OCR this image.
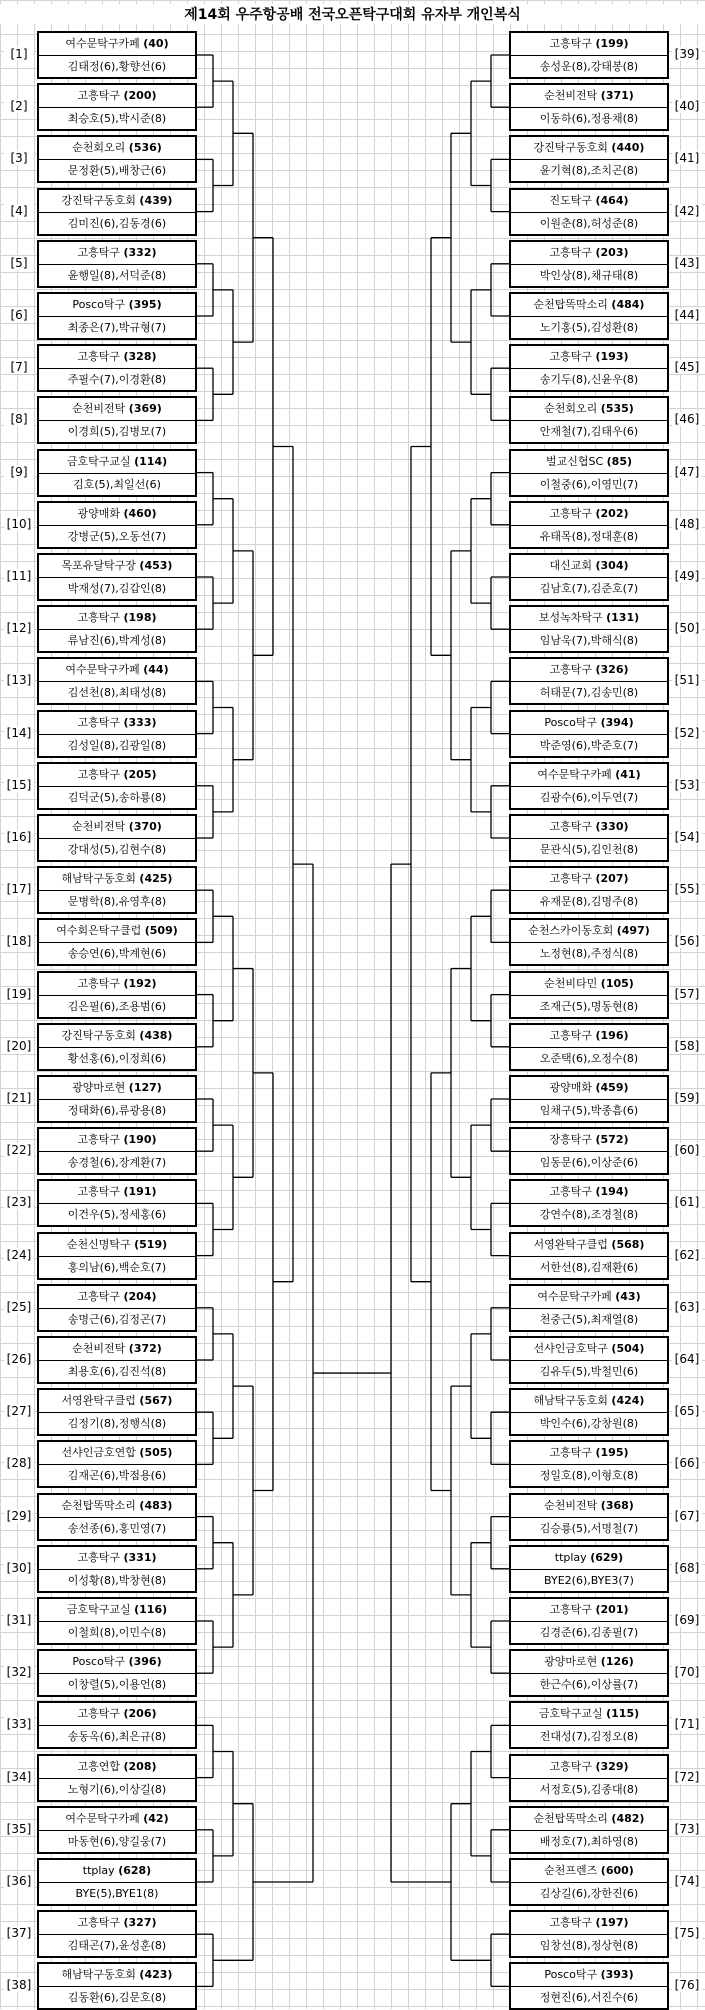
제14회 우주항공배 전국오픈탁구대회 유자부 개인복식
여수문탁구카페 (40)
김태정(6),황향선(6)
[1]
고흥탁구 (200)
최승호(5),박시준(8)
[2]
순천회오리 (536)
문정환(5),배창근(6)
[3]
강진탁구동호회 (439)
김미진(6),김동경(6)
[4]
고흥탁구 (332)
윤행일(8),서덕준(8)
[5]
Posco탁구 (395)
최종은(7),박규형(7)
[6]
고흥탁구 (328)
주필수(7),이경환(8)
[7]
순천비전탁 (369)
이경희(5),김병모(7)
[8]
금호탁구교실 (114)
김호(5),최일선(6)
[9]
광양매화 (460)
강병군(5),오동선(7)
[10]
목포유달탁구장 (453)
박재성(7),김갑인(8)
[11]
고흥탁구 (198)
류남진(6),박계성(8)
[12]
여수문탁구카페 (44)
김선천(8),최태성(8)
[13]
고흥탁구 (333)
김성일(8),김광일(8)
[14]
고흥탁구 (205)
김덕군(5),송하룡(8)
[15]
순천비전탁 (370)
강대성(5),김현수(8)
[16]
해남탁구동호회 (425)
문병학(8),유영후(8)
[17]
여수회은탁구클럽 (509)
송승연(6),박계현(6)
[18]
고흥탁구 (192)
김은필(6),조용범(6)
[19]
강진탁구동호회 (438)
황선홍(6),이정희(6)
[20]
광양마로현 (127)
정태화(6),류광용(8)
[21]
고흥탁구 (190)
송경철(6),장계환(7)
[22]
고흥탁구 (191)
이건우(5),정세홍(6)
[23]
순천신명탁구 (519)
홍의남(6),백순호(7)
[24]
고흥탁구 (204)
송명근(6),김정곤(7)
[25]
순천비전탁 (372)
최용호(6),김진석(8)
[26]
서영완탁구클럽 (567)
김정기(8),정행식(8)
[27]
선샤인금호연합 (505)
김재곤(6),박점용(6)
[28]
순천탑똑딱소리 (483)
송선종(6),홍민영(7)
[29]
고흥탁구 (331)
이성황(8),박창현(8)
[30]
금호탁구교실 (116)
이철희(8),이민수(8)
[31]
Posco탁구 (396)
이창렬(5),이용언(8)
[32]
고흥탁구 (206)
송동옥(6),최은규(8)
[33]
고흥연합 (208)
노형기(6),이상길(8)
[34]
여수문탁구카페 (42)
마동현(6),양길웅(7)
[35]
ttplay (628)
BYE(5),BYE1(8)
[36]
고흥탁구 (327)
김태곤(7),윤성훈(8)
[37]
해남탁구동호회 (423)
김동환(6),김문호(8)
[38]
고흥탁구 (199)
송성운(8),강태봉(8)
[39]
순천비전탁 (371)
이동하(6),정용채(8)
[40]
강진탁구동호회 (440)
윤기혁(8),조치곤(8)
[41]
진도탁구 (464)
이원춘(8),허성준(8)
[42]
고흥탁구 (203)
박인상(8),채규태(8)
[43]
순천탑똑딱소리 (484)
노기홍(5),김성환(8)
[44]
고흥탁구 (193)
송기두(8),신윤우(8)
[45]
순천회오리 (535)
안재철(7),김태우(6)
[46]
벌교신협SC (85)
이철중(6),이영민(7)
[47]
고흥탁구 (202)
유태목(8),정대훈(8)
[48]
대신교회 (304)
김남호(7),김준호(7)
[49]
보성녹차탁구 (131)
임남욱(7),박해식(8)
[50]
고흥탁구 (326)
허태문(7),김송민(8)
[51]
Posco탁구 (394)
박준영(6),박준호(7)
[52]
여수문탁구카페 (41)
김광수(6),이두연(7)
[53]
고흥탁구 (330)
문관식(5),김인천(8)
[54]
고흥탁구 (207)
유재문(8),김명주(8)
[55]
순천스카이동호회 (497)
노정현(8),주정식(8)
[56]
순천비타민 (105)
조재근(5),명동현(8)
[57]
고흥탁구 (196)
오준택(6),오정수(8)
[58]
광양매화 (459)
임채구(5),박종흠(6)
[59]
장흥탁구 (572)
임동문(6),이상준(6)
[60]
고흥탁구 (194)
강연수(8),조경철(8)
[61]
서영완탁구클럽 (568)
서한선(8),김재환(6)
[62]
여수문탁구카페 (43)
천중근(5),최재열(8)
[63]
선샤인금호탁구 (504)
김유두(5),박철민(6)
[64]
해남탁구동호회 (424)
박인수(6),강창원(8)
[65]
고흥탁구 (195)
정일호(8),이형호(8)
[66]
순천비전탁 (368)
김승룡(5),서명철(7)
[67]
ttplay (629)
BYE2(6),BYE3(7)
[68]
고흥탁구 (201)
김경준(6),김종필(7)
[69]
광양마로현 (126)
한근수(6),이상률(7)
[70]
금호탁구교실 (115)
전대성(7),김정오(8)
[71]
고흥탁구 (329)
서정호(5),김종대(8)
[72]
순천탑똑딱소리 (482)
배정호(7),최하영(8)
[73]
순천프렌즈 (600)
김상길(6),장한진(6)
[74]
고흥탁구 (197)
임창선(8),정상현(8)
[75]
Posco탁구 (393)
정현진(6),서진수(6)
[76]
